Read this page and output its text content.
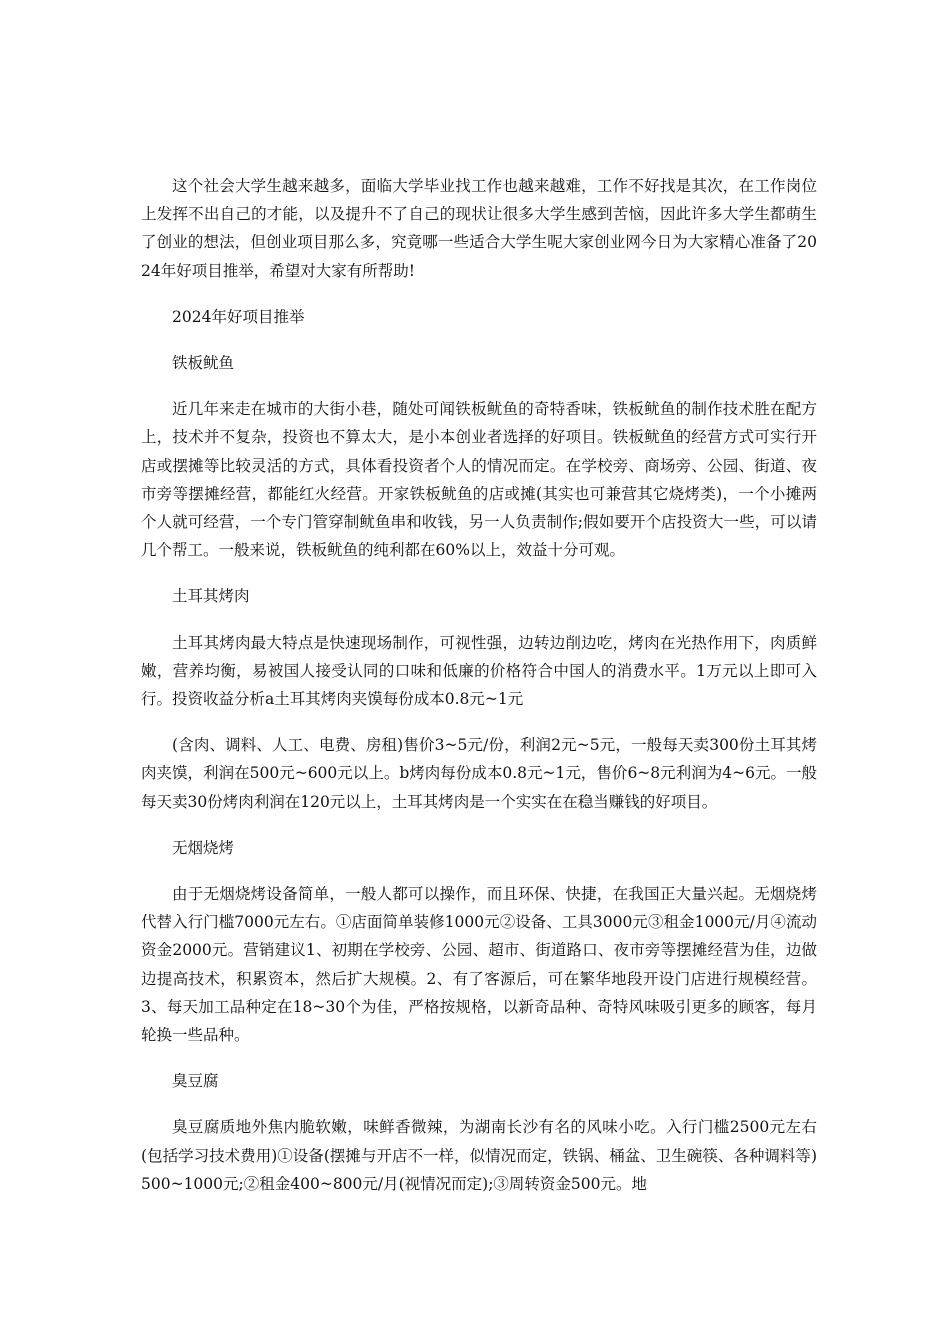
这个社会大学生越来越多，面临大学毕业找工作也越来越难，工作不好找是其次，在工作岗位上发挥不出自己的才能，以及提升不了自己的现状让很多大学生感到苦恼，因此许多大学生都萌生了创业的想法，但创业项目那么多，究竟哪一些适合大学生呢大家创业网今日为大家精心准备了2024年好项目推举，希望对大家有所帮助!

2024年好项目推举

铁板鱿鱼

近几年来走在城市的大街小巷，随处可闻铁板鱿鱼的奇特香味，铁板鱿鱼的制作技术胜在配方上，技术并不复杂，投资也不算太大，是小本创业者选择的好项目。铁板鱿鱼的经营方式可实行开店或摆摊等比较灵活的方式，具体看投资者个人的情况而定。在学校旁、商场旁、公园、街道、夜市旁等摆摊经营，都能红火经营。开家铁板鱿鱼的店或摊(其实也可兼营其它烧烤类)，一个小摊两个人就可经营，一个专门管穿制鱿鱼串和收钱，另一人负责制作;假如要开个店投资大一些，可以请几个帮工。一般来说，铁板鱿鱼的纯利都在60%以上，效益十分可观。

土耳其烤肉

土耳其烤肉最大特点是快速现场制作，可视性强，边转边削边吃，烤肉在光热作用下，肉质鲜嫩，营养均衡，易被国人接受认同的口味和低廉的价格符合中国人的消费水平。1万元以上即可入行。投资收益分析a土耳其烤肉夹馍每份成本0.8元~1元

(含肉、调料、人工、电费、房租)售价3~5元/份，利润2元~5元，一般每天卖300份土耳其烤肉夹馍，利润在500元~600元以上。b烤肉每份成本0.8元~1元，售价6~8元利润为4~6元。一般每天卖30份烤肉利润在120元以上，土耳其烤肉是一个实实在在稳当赚钱的好项目。

无烟烧烤

由于无烟烧烤设备简单，一般人都可以操作，而且环保、快捷，在我国正大量兴起。无烟烧烤代替入行门槛7000元左右。①店面简单装修1000元②设备、工具3000元③租金1000元/月④流动资金2000元。营销建议1、初期在学校旁、公园、超市、街道路口、夜市旁等摆摊经营为佳，边做边提高技术，积累资本，然后扩大规模。2、有了客源后，可在繁华地段开设门店进行规模经营。3、每天加工品种定在18~30个为佳，严格按规格，以新奇品种、奇特风味吸引更多的顾客，每月轮换一些品种。

臭豆腐

臭豆腐质地外焦内脆软嫩，味鲜香微辣，为湖南长沙有名的风味小吃。入行门槛2500元左右(包括学习技术费用)①设备(摆摊与开店不一样，似情况而定，铁锅、桶盆、卫生碗筷、各种调料等)500~1000元;②租金400~800元/月(视情况而定);③周转资金500元。地
